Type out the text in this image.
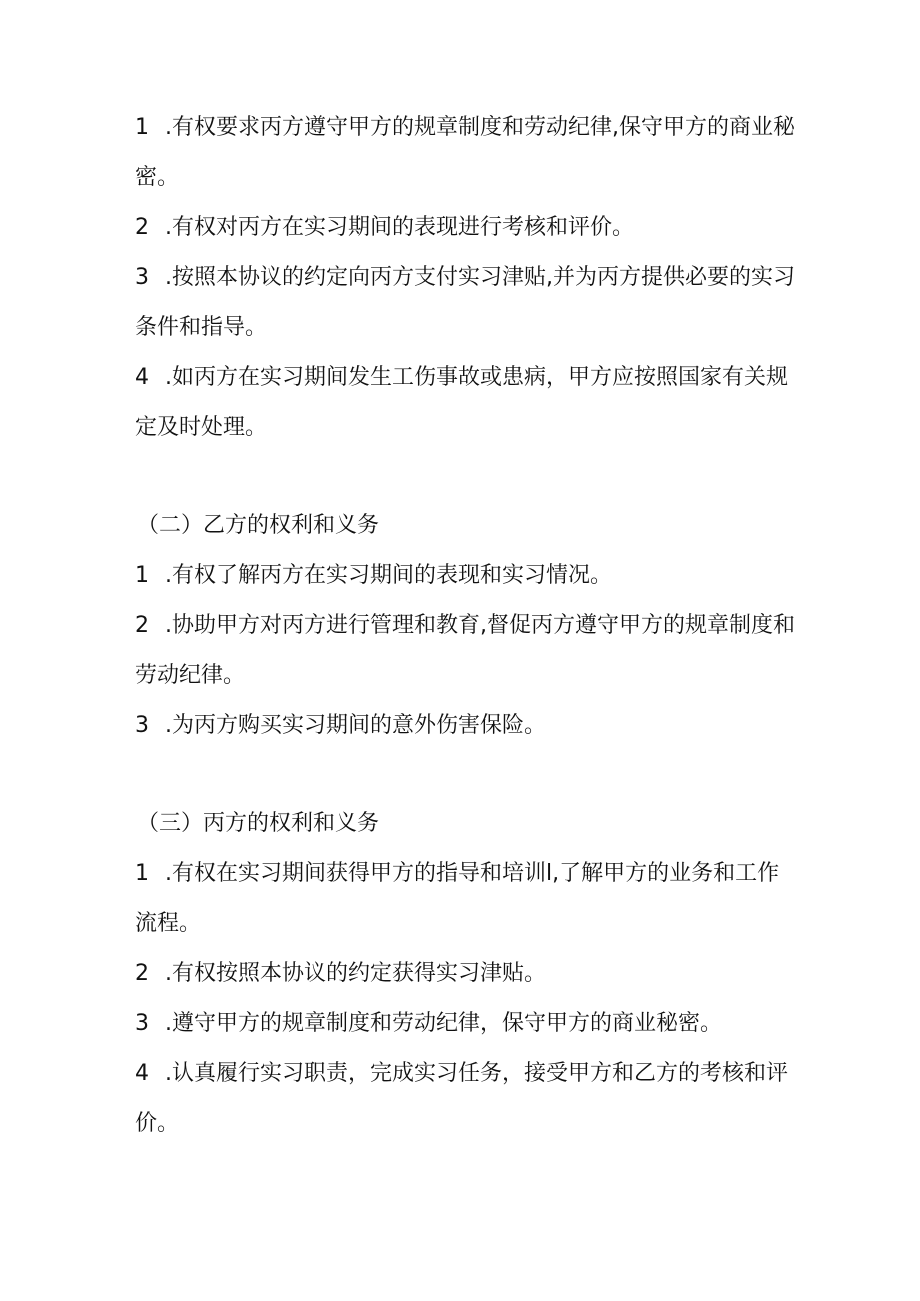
1 .有权要求丙方遵守甲方的规章制度和劳动纪律,保守甲方的商业秘密。

2 .有权对丙方在实习期间的表现进行考核和评价。

3 .按照本协议的约定向丙方支付实习津贴,并为丙方提供必要的实习条件和指导。

4 .如丙方在实习期间发生工伤事故或患病，甲方应按照国家有关规定及时处理。

（二）乙方的权利和义务

1 .有权了解丙方在实习期间的表现和实习情况。

2 .协助甲方对丙方进行管理和教育,督促丙方遵守甲方的规章制度和劳动纪律。

3 .为丙方购买实习期间的意外伤害保险。

（三）丙方的权利和义务

1 .有权在实习期间获得甲方的指导和培训l,了解甲方的业务和工作流程。

2 .有权按照本协议的约定获得实习津贴。

3 .遵守甲方的规章制度和劳动纪律，保守甲方的商业秘密。

4 .认真履行实习职责，完成实习任务，接受甲方和乙方的考核和评价。
